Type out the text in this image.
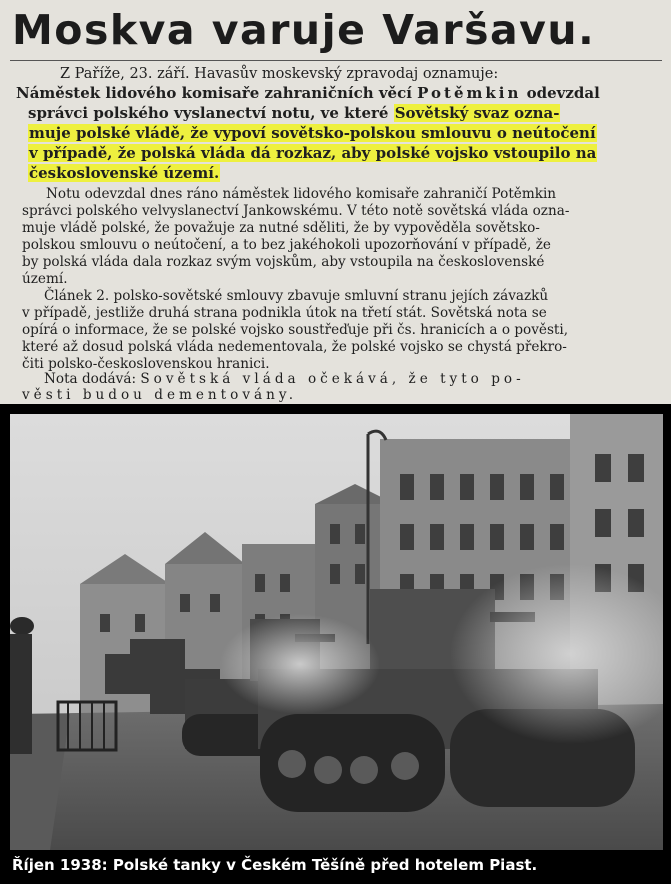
Moskva varuje Varšavu.
Z Paříže, 23. září. Havasův moskevský zpravodaj oznamuje:
Náměstek lidového komisaře zahraničních věcí Potěmkin odevzdal
správci polského vyslanectví notu, ve které Sovětský svaz ozna-
muje polské vládě, že vypoví sovětsko-polskou smlouvu o neútočení
v případě, že polská vláda dá rozkaz, aby polské vojsko vstoupilo na
československé území.
Notu odevzdal dnes ráno náměstek lidového komisaře zahraničí Potěmkin
správci polského velvyslanectví Jankowskému. V této notě sovětská vláda ozna-
muje vládě polské, že považuje za nutné sděliti, že by vypověděla sovětsko-
polskou smlouvu o neútočení, a to bez jakéhokoli upozorňování v případě, že
by polská vláda dala rozkaz svým vojskům, aby vstoupila na československé
území.
Článek 2. polsko-sovětské smlouvy zbavuje smluvní stranu jejích závazků
v případě, jestliže druhá strana podnikla útok na třetí stát. Sovětská nota se
opírá o informace, že se polské vojsko soustřeďuje při čs. hranicích a o pověsti,
které až dosud polská vláda nedementovala, že polské vojsko se chystá překro-
čiti polsko-československou hranici.
Nota dodává: Sovětská vláda očekává, že tyto po-
věsti budou dementovány.
Říjen 1938: Polské tanky v Českém Těšíně před hotelem Piast.
